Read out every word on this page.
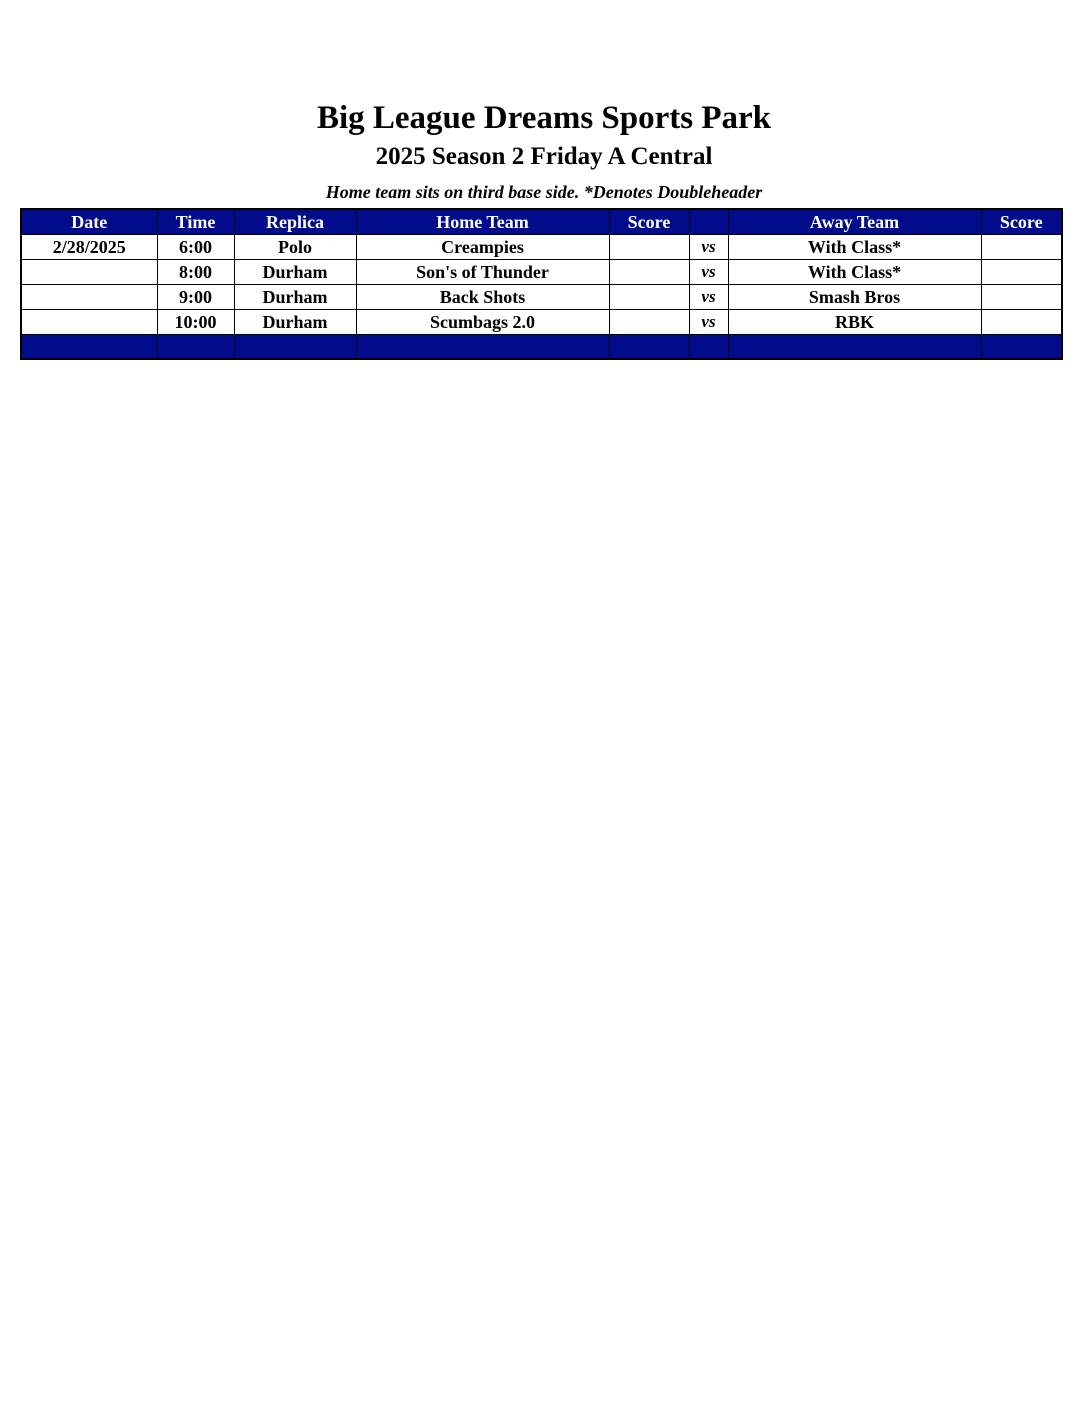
Big League Dreams Sports Park
2025 Season 2 Friday A Central
Home team sits on third base side. *Denotes Doubleheader
Date	Time	Replica	Home Team	Score		Away Team	Score
2/28/2025	6:00	Polo	Creampies		vs	With Class*	
	8:00	Durham	Son's of Thunder		vs	With Class*	
	9:00	Durham	Back Shots		vs	Smash Bros	
	10:00	Durham	Scumbags 2.0		vs	RBK	
